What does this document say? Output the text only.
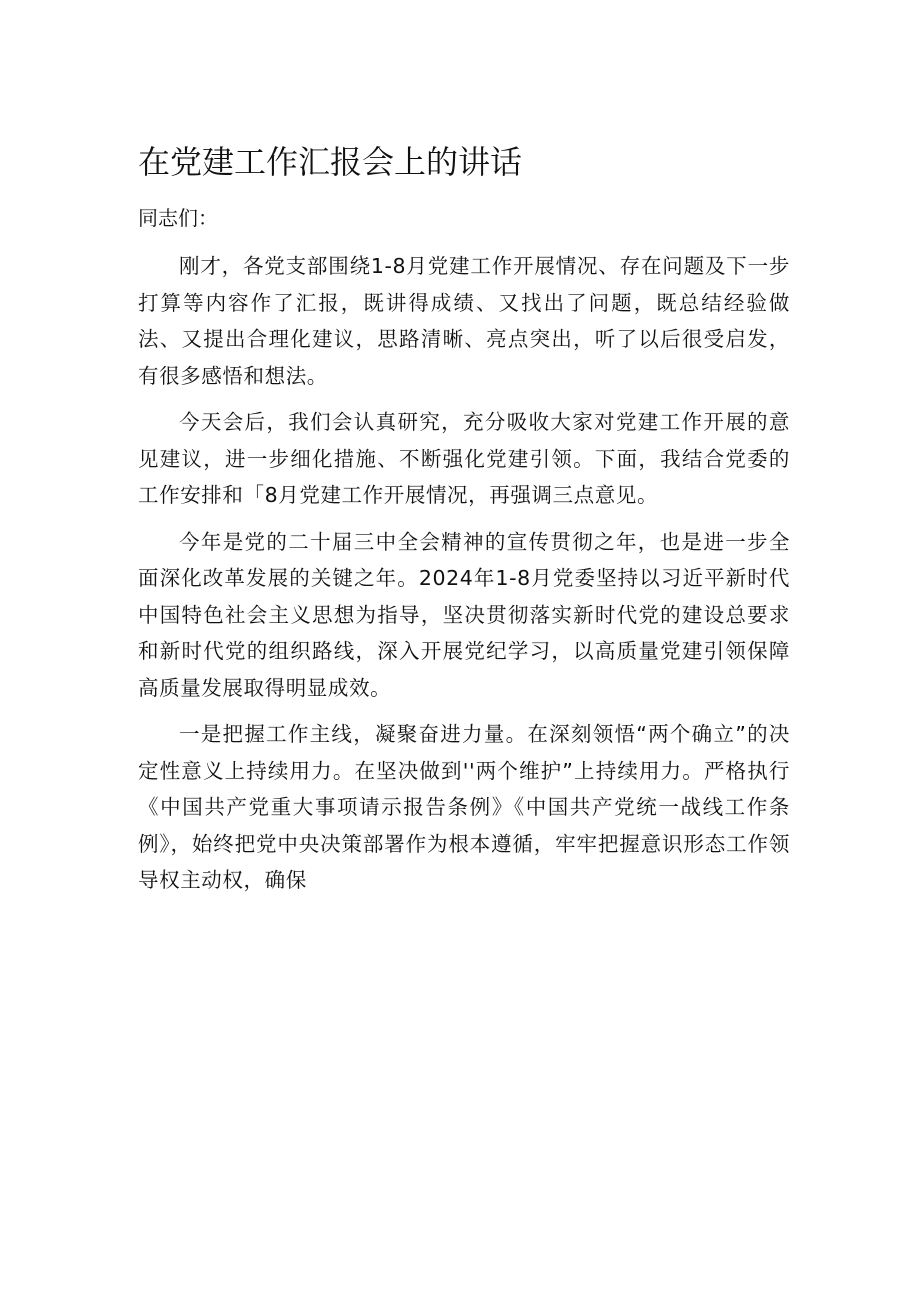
在党建工作汇报会上的讲话

同志们：

刚才，各党支部围绕1-8月党建工作开展情况、存在问题及下一步打算等内容作了汇报，既讲得成绩、又找出了问题，既总结经验做法、又提出合理化建议，思路清晰、亮点突出，听了以后很受启发，有很多感悟和想法。

今天会后，我们会认真研究，充分吸收大家对党建工作开展的意见建议，进一步细化措施、不断强化党建引领。下面，我结合党委的工作安排和「8月党建工作开展情况，再强调三点意见。

今年是党的二十届三中全会精神的宣传贯彻之年，也是进一步全面深化改革发展的关键之年。2024年1-8月党委坚持以习近平新时代中国特色社会主义思想为指导，坚决贯彻落实新时代党的建设总要求和新时代党的组织路线，深入开展党纪学习，以高质量党建引领保障高质量发展取得明显成效。

一是把握工作主线，凝聚奋进力量。在深刻领悟“两个确立”的决定性意义上持续用力。在坚决做到''两个维护”上持续用力。严格执行《中国共产党重大事项请示报告条例》《中国共产党统一战线工作条例》，始终把党中央决策部署作为根本遵循，牢牢把握意识形态工作领导权主动权，确保
